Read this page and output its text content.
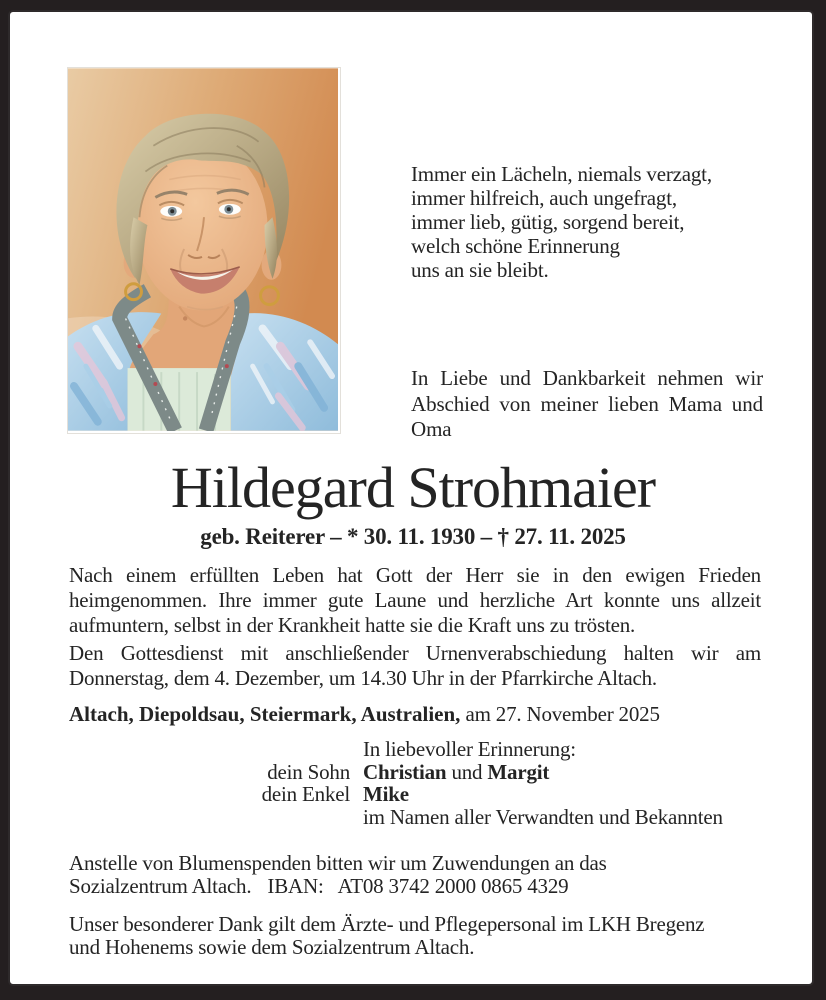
Immer ein Lächeln, niemals verzagt,
immer hilfreich, auch ungefragt,
immer lieb, gütig, sorgend bereit,
welch schöne Erinnerung
uns an sie bleibt.
In Liebe und Dankbarkeit nehmen wir Abschied von meiner lieben Mama und Oma
Hildegard Strohmaier
geb. Reiterer – * 30. 11. 1930 – † 27. 11. 2025
Nach einem erfüllten Leben hat Gott der Herr sie in den ewigen Frieden
heimgenommen. Ihre immer gute Laune und herzliche Art konnte uns allzeit
aufmuntern, selbst in der Krankheit hatte sie die Kraft uns zu trösten.
Den Gottesdienst mit anschließender Urnenverabschiedung halten wir am
Donnerstag, dem 4. Dezember, um 14.30 Uhr in der Pfarrkirche Altach.
Altach, Diepoldsau, Steiermark, Australien, am 27. November 2025
In liebevoller Erinnerung:
dein Sohn Christian und Margit
dein Enkel Mike
im Namen aller Verwandten und Bekannten
Anstelle von Blumenspenden bitten wir um Zuwendungen an das
Sozialzentrum Altach. IBAN: AT08 3742 2000 0865 4329
Unser besonderer Dank gilt dem Ärzte- und Pflegepersonal im LKH Bregenz
und Hohenems sowie dem Sozialzentrum Altach.
